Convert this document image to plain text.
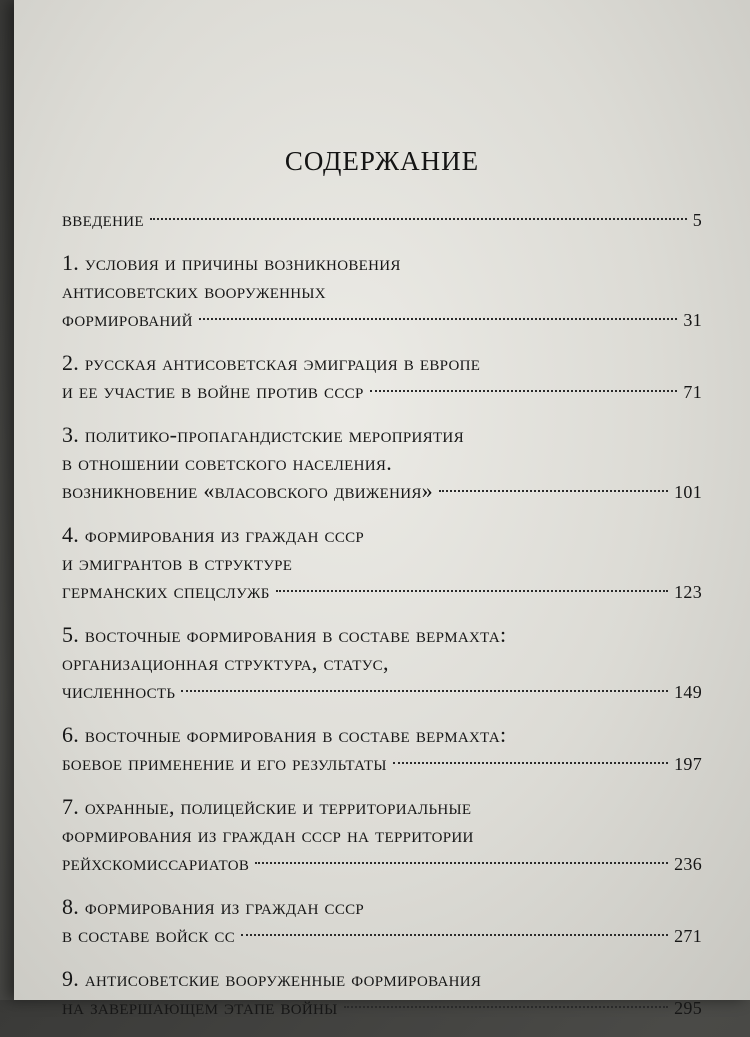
СОДЕРЖАНИЕ
введение	5
1. условия и причины возникновения
антисоветских вооруженных
формирований	31
2. русская антисоветская эмиграция в европе
и ее участие в войне против ссср	71
3. политико-пропагандистские мероприятия
в отношении советского населения.
возникновение «власовского движения»	101
4. формирования из граждан ссср
и эмигрантов в структуре
германских спецслужб	123
5. восточные формирования в составе вермахта:
организационная структура, статус,
численность	149
6. восточные формирования в составе вермахта:
боевое применение и его результаты	197
7. охранные, полицейские и территориальные
формирования из граждан ссср на территории
рейхскомиссариатов	236
8. формирования из граждан ссср
в составе войск сс	271
9. антисоветские вооруженные формирования
на завершающем этапе войны	295
